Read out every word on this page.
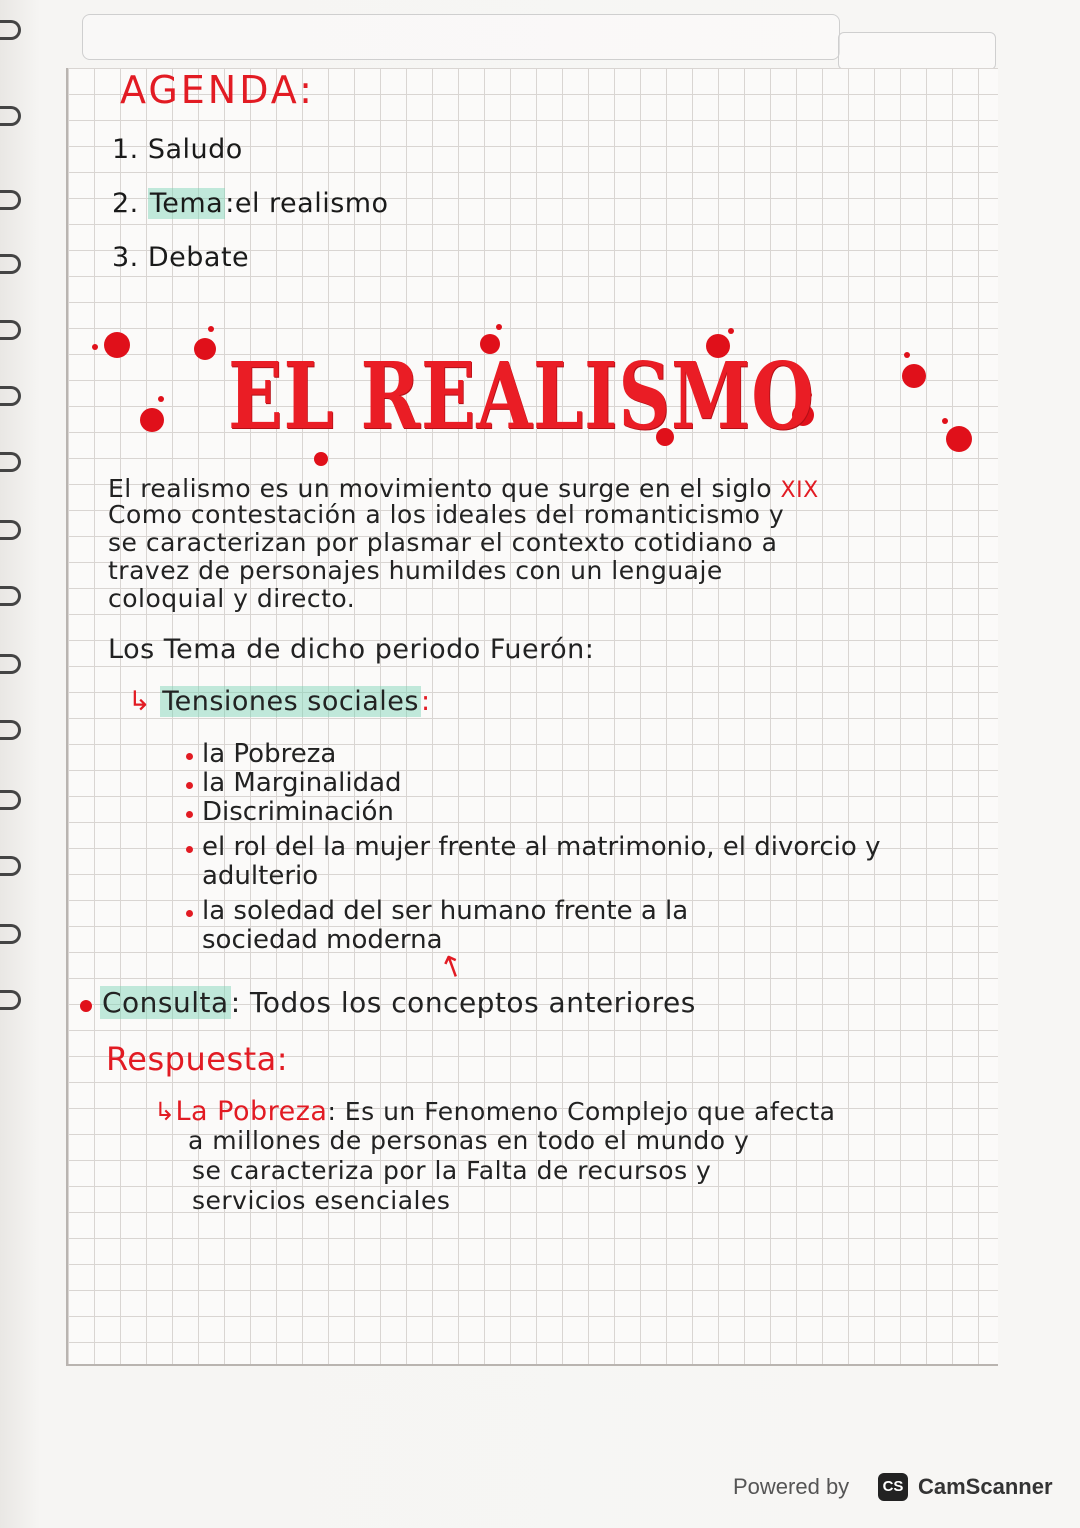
AGENDA:

1. Saludo

2. Tema:el realismo

3. Debate

EL REALISMO

El realismo es un movimiento que surge en el siglo XIX

Como contestación a los ideales del romanticismo y

se caracterizan por plasmar el contexto cotidiano a

travez de personajes humildes con un lenguaje

coloquial y directo.

Los Tema de dicho periodo Fuerón:

↳ Tensiones sociales:

la Pobreza
la Marginalidad
Discriminación
el rol del la mujer frente al matrimonio, el divorcio y
adulterio
la soledad del ser humano frente a la
sociedad moderna
↑

Consulta: Todos los conceptos anteriores

Respuesta:

↳La Pobreza: Es un Fenomeno Complejo que afecta

a millones de personas en todo el mundo y

se caracteriza por la Falta de recursos y

servicios esenciales

Powered by	CS CamScanner
